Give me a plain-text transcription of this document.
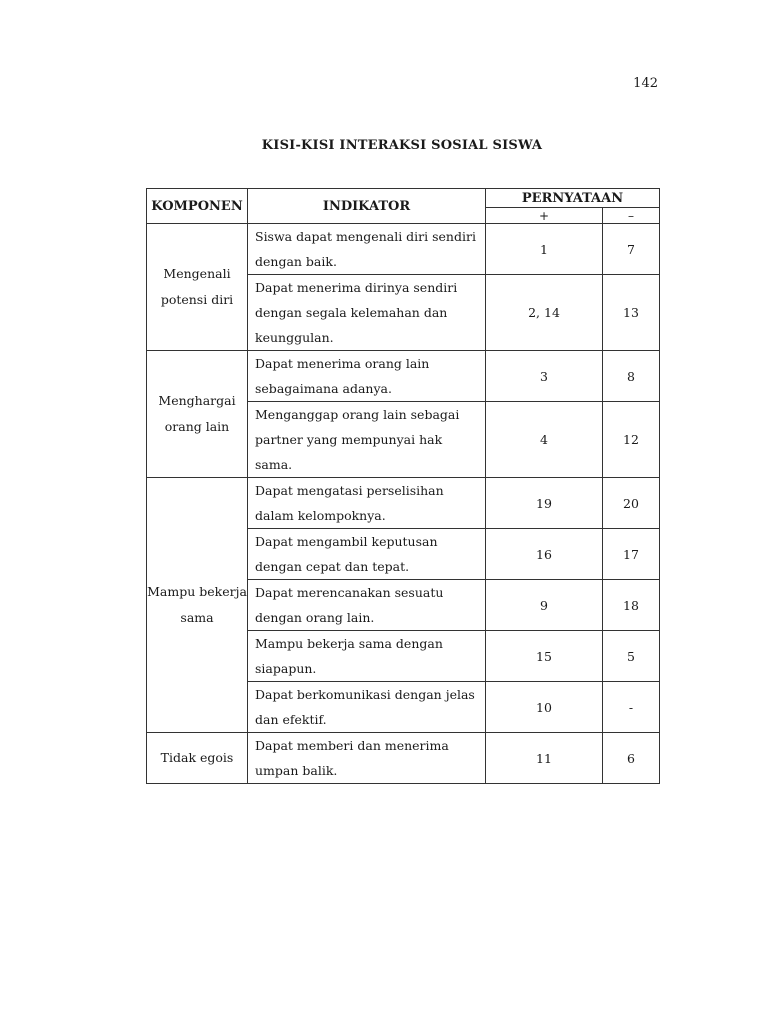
142
KISI-KISI INTERAKSI SOSIAL SISWA
KOMPONEN	INDIKATOR	PERNYATAAN	
		+	–
Mengenali potensi diri	Siswa dapat mengenali diri sendiri dengan baik.	1	7
	Dapat menerima dirinya sendiri dengan segala kelemahan dan keunggulan.	2, 14	13
Menghargai orang lain	Dapat menerima orang lain sebagaimana adanya.	3	8
	Menganggap orang lain sebagai partner yang mempunyai hak sama.	4	12
Mampu bekerja sama	Dapat mengatasi perselisihan dalam kelompoknya.	19	20
	Dapat mengambil keputusan dengan cepat dan tepat.	16	17
	Dapat merencanakan sesuatu dengan orang lain.	9	18
	Mampu bekerja sama dengan siapapun.	15	5
	Dapat berkomunikasi dengan jelas dan efektif.	10	-
Tidak egois	Dapat memberi dan menerima umpan balik.	11	6
